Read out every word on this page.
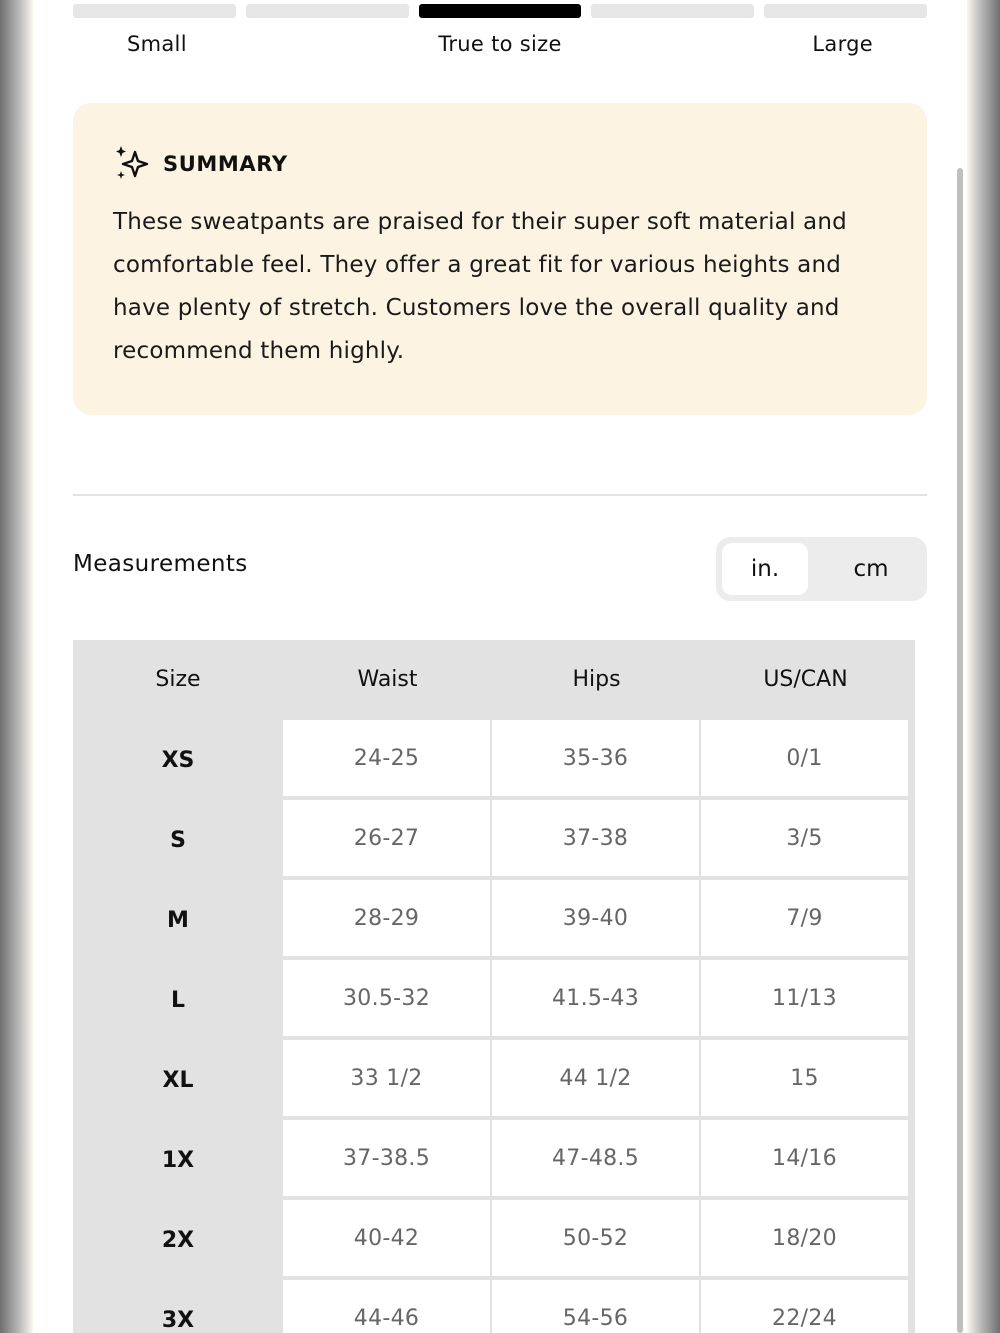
Small	True to size	Large
SUMMARY

These sweatpants are praised for their super soft material and comfortable feel. They offer a great fit for various heights and have plenty of stretch. Customers love the overall quality and recommend them highly.

Measurements	in.	cm
Size	Waist	Hips	US/CAN
XS	24-25	35-36	0/1
S	26-27	37-38	3/5
M	28-29	39-40	7/9
L	30.5-32	41.5-43	11/13
XL	33 1/2	44 1/2	15
1X	37-38.5	47-48.5	14/16
2X	40-42	50-52	18/20
3X	44-46	54-56	22/24
